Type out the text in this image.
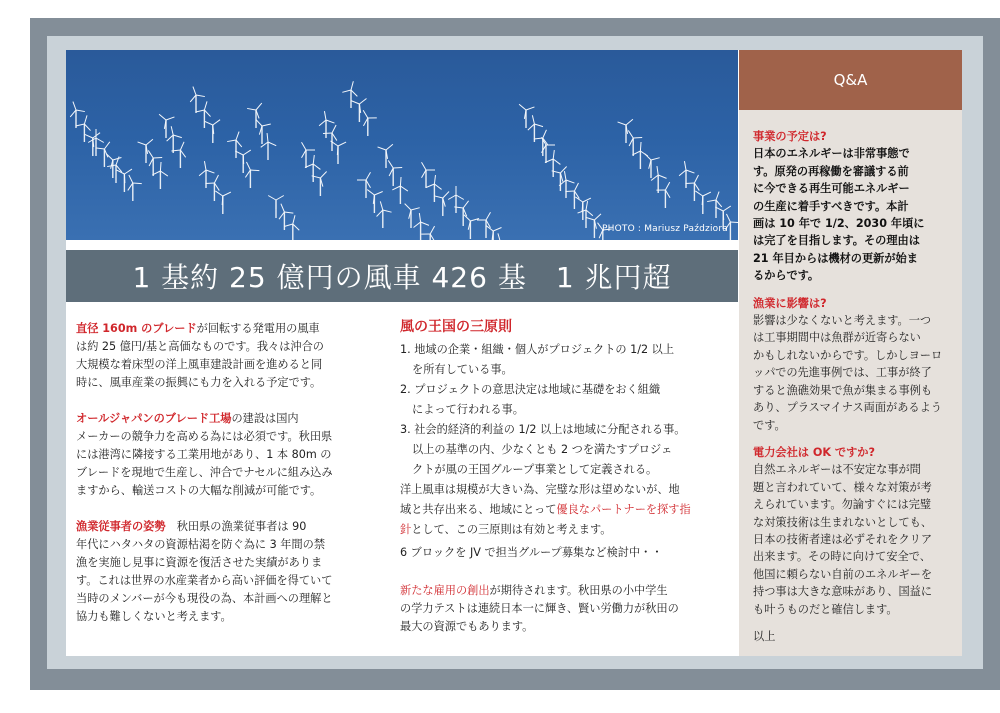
PHOTO : Mariusz Paździora
1 基約 25 億円の風車 426 基　1 兆円超

直径 160m のブレードが回転する発電用の風車
は約 25 億円/基と高価なものです。我々は沖合の
大規模な着床型の洋上風車建設計画を進めると同
時に、風車産業の振興にも力を入れる予定です。

オールジャパンのブレード工場の建設は国内
メーカーの競争力を高める為には必須です。秋田県
には港湾に隣接する工業用地があり、1 本 80m の
ブレードを現地で生産し、沖合でナセルに組み込み
ますから、輸送コストの大幅な削減が可能です。

漁業従事者の姿勢　秋田県の漁業従事者は 90
年代にハタハタの資源枯渇を防ぐ為に 3 年間の禁
漁を実施し見事に資源を復活させた実績がありま
す。これは世界の水産業者から高い評価を得ていて
当時のメンバーが今も現役の為、本計画への理解と
協力も難しくないと考えます。

風の王国の三原則
1. 地域の企業・組織・個人がプロジェクトの 1/2 以上
を所有している事。
2. プロジェクトの意思決定は地域に基礎をおく組織
によって行われる事。
3. 社会的経済的利益の 1/2 以上は地域に分配される事。
以上の基準の内、少なくとも 2 つを満たすプロジェ
クトが風の王国グループ事業として定義される。

洋上風車は規模が大きい為、完璧な形は望めないが、地
域と共存出来る、地域にとって優良なパートナーを探す指
針として、この三原則は有効と考えます。

6 ブロックを JV で担当グループ募集など検討中・・

新たな雇用の創出が期待されます。秋田県の小中学生
の学力テストは連続日本一に輝き、賢い労働力が秋田の
最大の資源でもあります。

Q&A
事業の予定は?
日本のエネルギーは非常事態で
す。原発の再稼働を審議する前
に今できる再生可能エネルギー
の生産に着手すべきです。本計
画は 10 年で 1/2、2030 年頃に
は完了を目指します。その理由は
21 年目からは機材の更新が始ま
るからです。
漁業に影響は?
影響は少なくないと考えます。一つ
は工事期間中は魚群が近寄らない
かもしれないからです。しかしヨーロ
ッパでの先進事例では、工事が終了
すると漁礁効果で魚が集まる事例も
あり、プラスマイナス両面があるよう
です。
電力会社は OK ですか?
自然エネルギーは不安定な事が問
題と言われていて、様々な対策が考
えられています。勿論すぐには完璧
な対策技術は生まれないとしても、
日本の技術者達は必ずそれをクリア
出来ます。その時に向けて安全で、
他国に頼らない自前のエネルギーを
持つ事は大きな意味があり、国益に
も叶うものだと確信します。
以上
